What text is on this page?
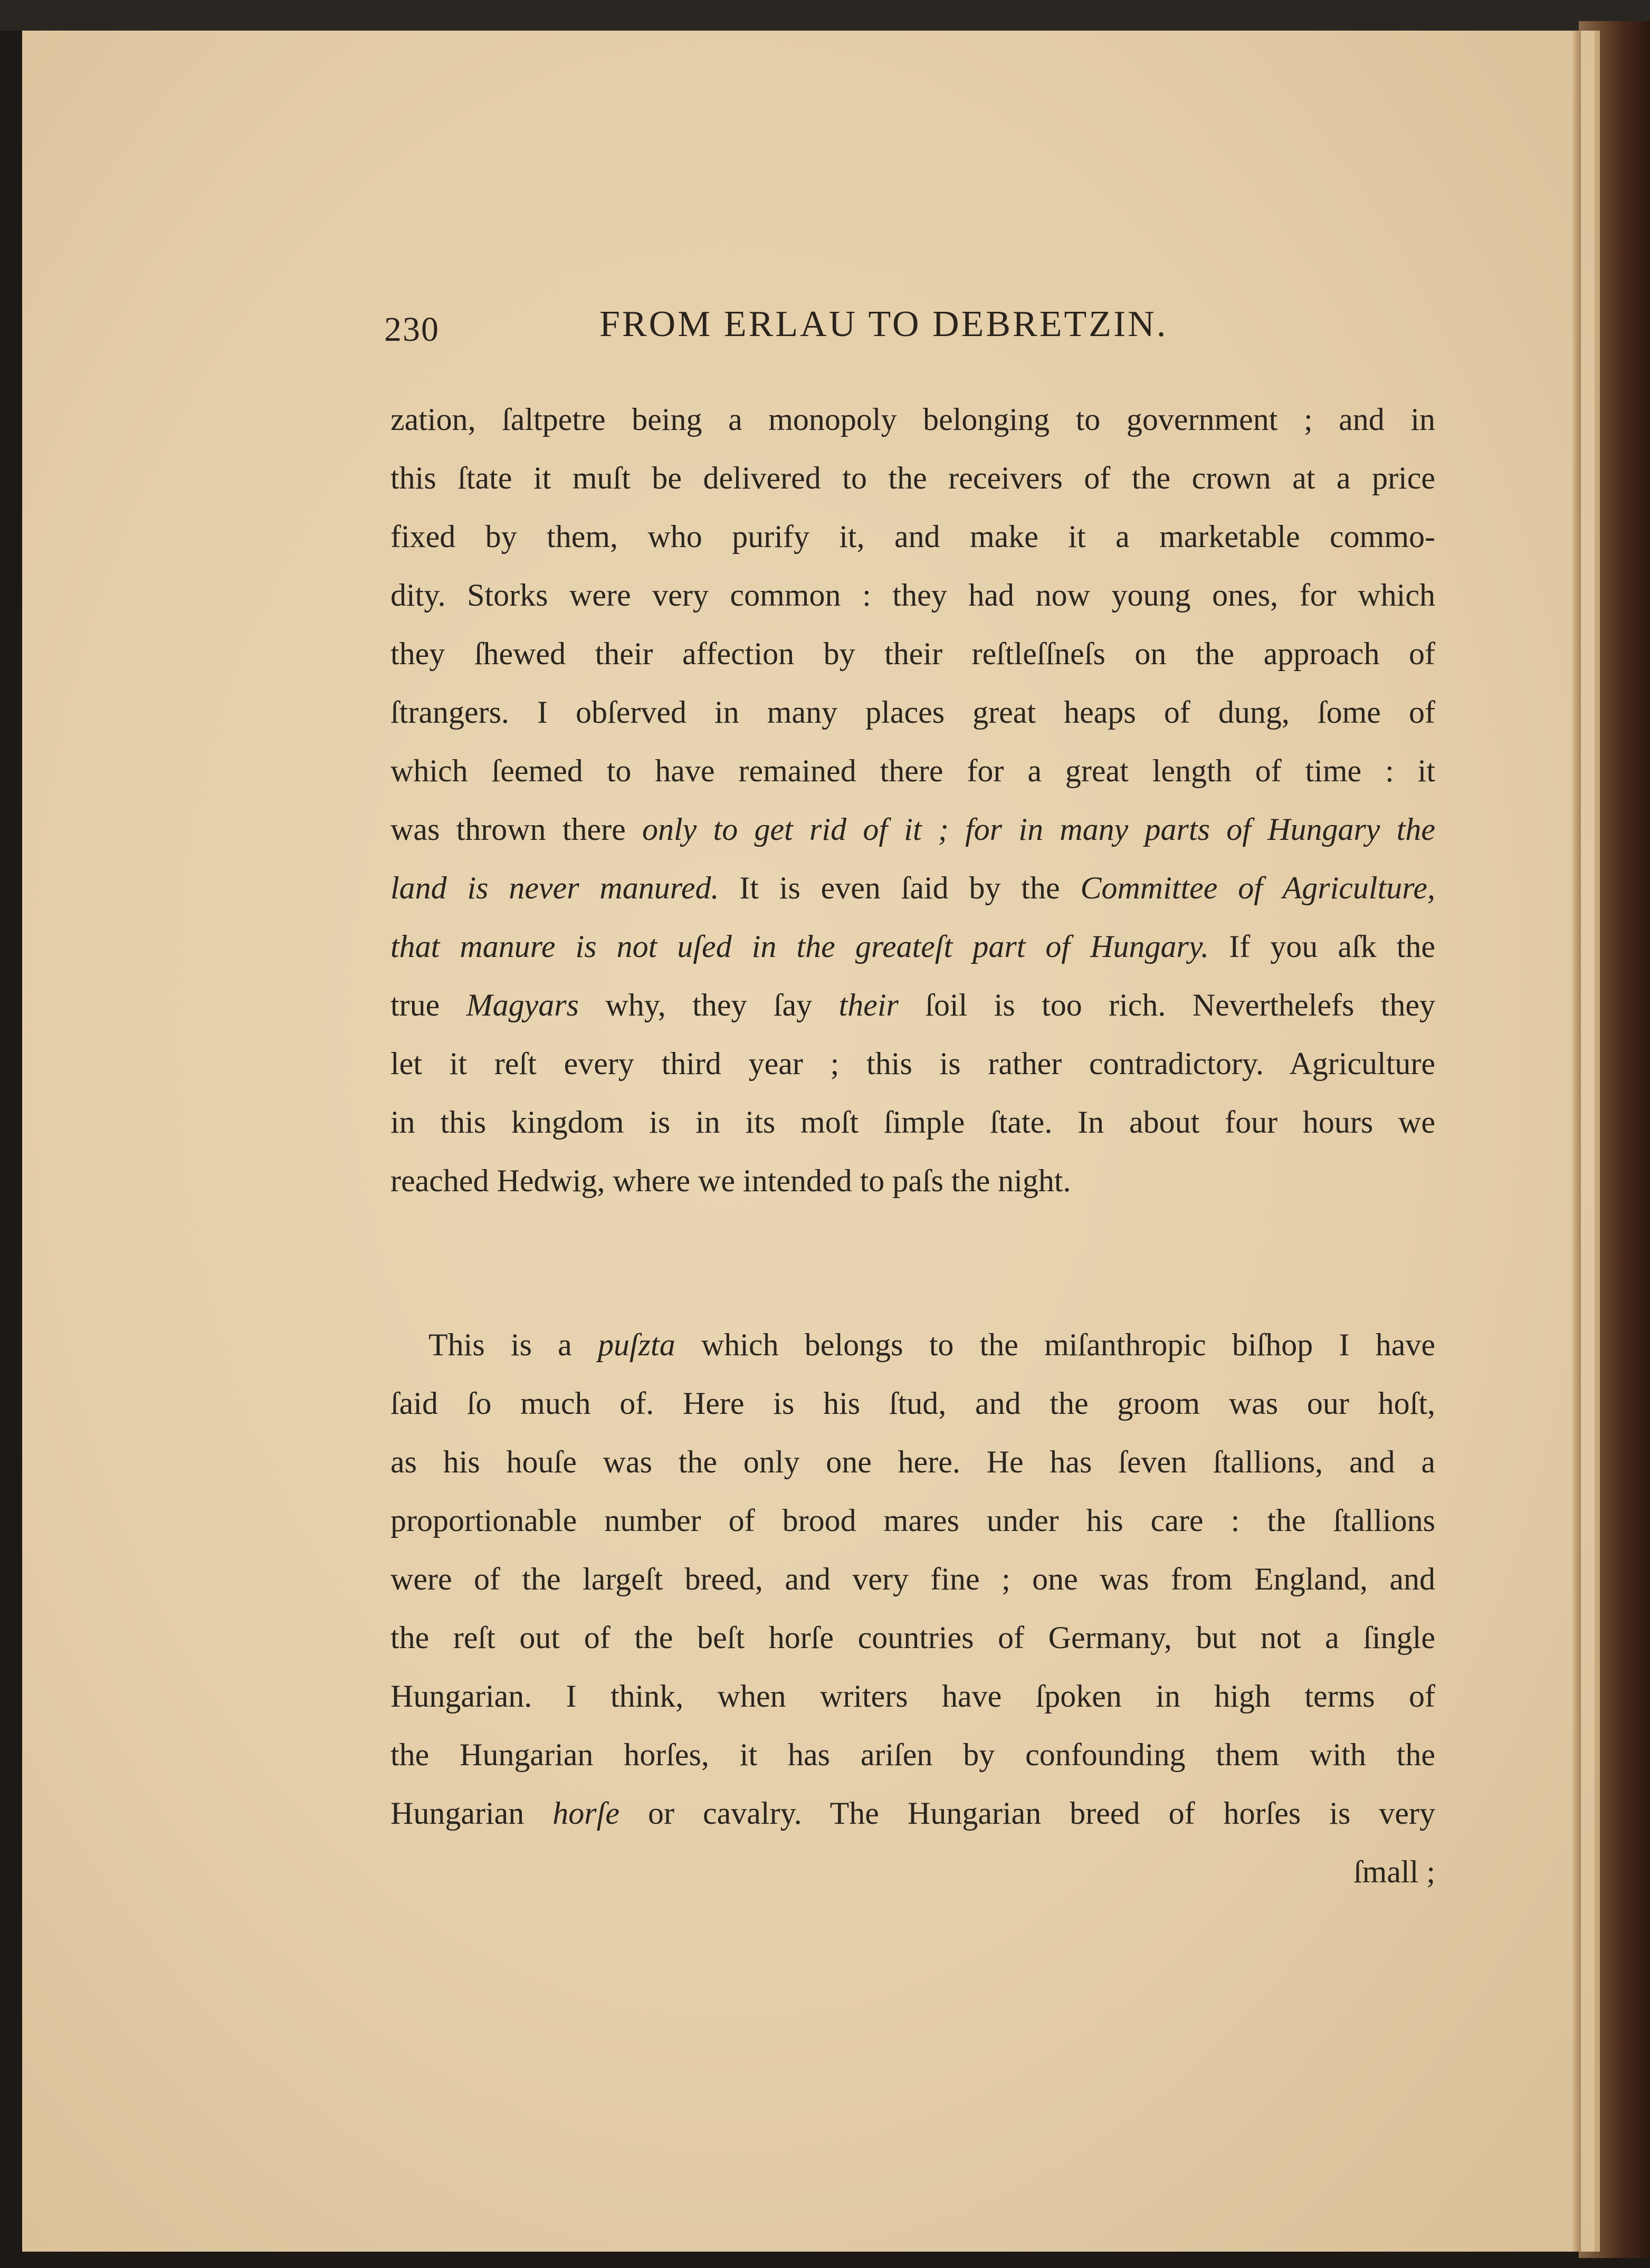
230	FROM ERLAU TO DEBRETZIN.
zation, ſaltpetre being a monopoly belonging to government ; and in
this ſtate it muſt be delivered to the receivers of the crown at a price
fixed by them, who purify it, and make it a marketable commo-
dity. Storks were very common : they had now young ones, for which
they ſhewed their affection by their reſtleſſneſs on the approach of
ſtrangers. I obſerved in many places great heaps of dung, ſome of
which ſeemed to have remained there for a great length of time : it
was thrown there only to get rid of it ; for in many parts of Hungary the
land is never manured. It is even ſaid by the Committee of Agriculture,
that manure is not uſed in the greateſt part of Hungary. If you aſk the
true Magyars why, they ſay their ſoil is too rich. Neverthelefs they
let it reſt every third year ; this is rather contradictory. Agriculture
in this kingdom is in its moſt ſimple ſtate. In about four hours we
reached Hedwig, where we intended to paſs the night.
This is a puſzta which belongs to the miſanthropic biſhop I have
ſaid ſo much of. Here is his ſtud, and the groom was our hoſt,
as his houſe was the only one here. He has ſeven ſtallions, and a
proportionable number of brood mares under his care : the ſtallions
were of the largeſt breed, and very fine ; one was from England, and
the reſt out of the beſt horſe countries of Germany, but not a ſingle
Hungarian. I think, when writers have ſpoken in high terms of
the Hungarian horſes, it has ariſen by confounding them with the
Hungarian horſe or cavalry. The Hungarian breed of horſes is very
ſmall ;
